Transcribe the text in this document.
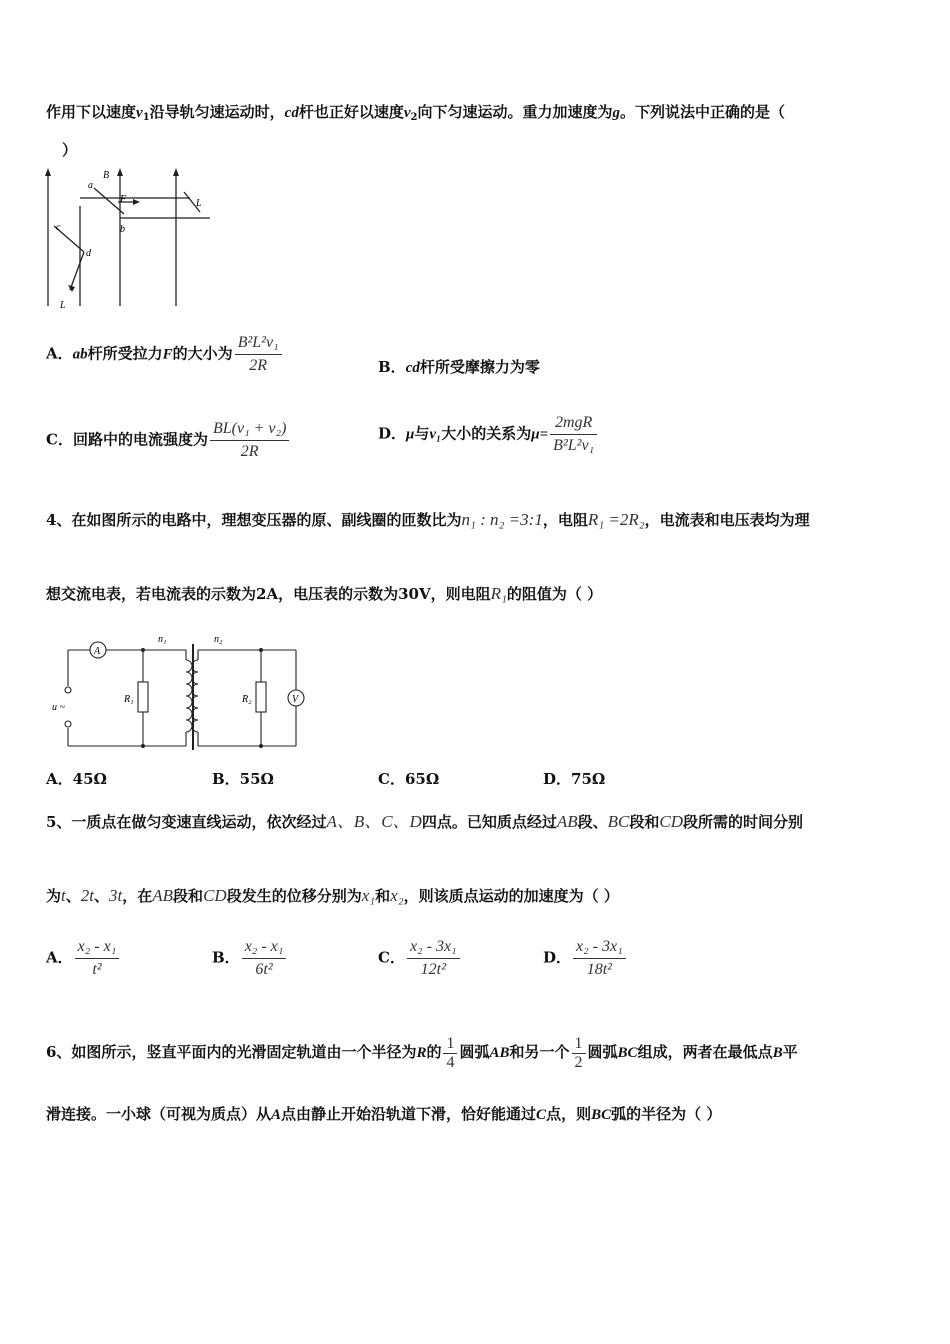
作用下以速度$v_1$沿导轨匀速运动时，cd杆也正好以速度$v_2$向下匀速运动。重力加速度为g。下列说法中正确的是（
）
a
B
F	L
c	b
d
L
A．ab杆所受拉力F的大小为 $\frac{\text{B²L²v₁}}{2R}$	B．cd杆所受摩擦力为零
C．回路中的电流强度为 $\frac{\text{BL(v₁ + v₂)}}{2R}$	D．μ与v₁大小的关系为$\mu= \frac{\text{2mgR}}{\text{B²L²v₁}}$
4、在如图所示的电路中，理想变压器的原、副线圈的匝数比为n₁ : n₂ =3:1，电阻R₁ =2R₂，电流表和电压表均为理
想交流电表，若电流表的示数为2A，电压表的示数为30V，则电阻R₁的阻值为（ ）
A
n₁	n₂
u ~
R₁	R₂	V
A．45Ω	B．55Ω	C．65Ω	D．75Ω
5、一质点在做匀变速直线运动，依次经过A、B、C、D四点。已知质点经过AB段、BC段和CD段所需的时间分别
为t、2t、3t，在AB段和CD段发生的位移分别为x₁和x₂，则该质点运动的加速度为（ ）
A． $\frac{\text{x₂ - x₁}}{\text{t²}}$	B． $\frac{\text{x₂ - x₁}}{\text{6t²}}$	C． $\frac{\text{x₂ - 3x₁}}{\text{12t²}}$	D． $\frac{\text{x₂ - 3x₁}}{\text{18t²}}$
6、如图所示，竖直平面内的光滑固定轨道由一个半径为R的 $\frac{1}{4}$ 圆弧AB和另一个 $\frac{1}{2}$ 圆弧BC组成，两者在最低点B平
滑连接。一小球（可视为质点）从A点由静止开始沿轨道下滑，恰好能通过C点，则BC弧的半径为（ ）
